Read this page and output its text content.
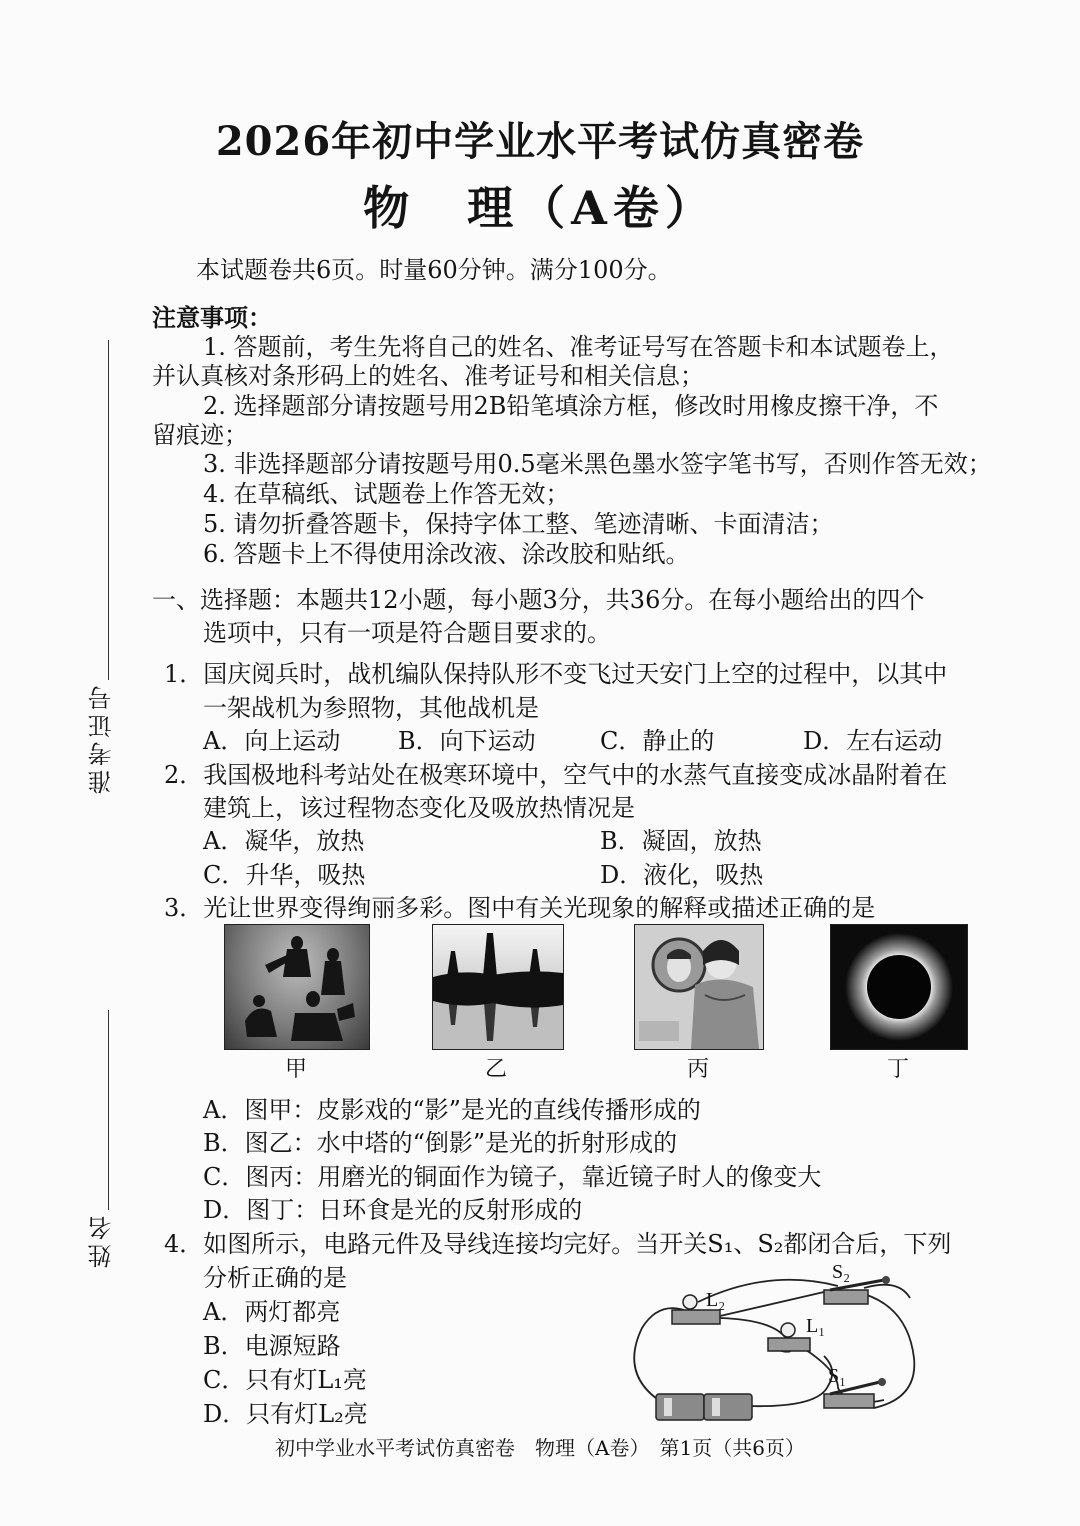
准考证号
姓名
2026年初中学业水平考试仿真密卷
物　理（A卷）
本试题卷共6页。时量60分钟。满分100分。
注意事项：
1. 答题前，考生先将自己的姓名、准考证号写在答题卡和本试题卷上，
并认真核对条形码上的姓名、准考证号和相关信息；
2. 选择题部分请按题号用2B铅笔填涂方框，修改时用橡皮擦干净，不
留痕迹；
3. 非选择题部分请按题号用0.5毫米黑色墨水签字笔书写，否则作答无效；
4. 在草稿纸、试题卷上作答无效；
5. 请勿折叠答题卡，保持字体工整、笔迹清晰、卡面清洁；
6. 答题卡上不得使用涂改液、涂改胶和贴纸。
一、选择题：本题共12小题，每小题3分，共36分。在每小题给出的四个
选项中，只有一项是符合题目要求的。
1．国庆阅兵时，战机编队保持队形不变飞过天安门上空的过程中，以其中
一架战机为参照物，其他战机是
A．向上运动 B．向下运动	C．静止的	D．左右运动
2．我国极地科考站处在极寒环境中，空气中的水蒸气直接变成冰晶附着在
建筑上，该过程物态变化及吸放热情况是
A．凝华，放热	B．凝固，放热
C．升华，吸热	D．液化，吸热
3．光让世界变得绚丽多彩。图中有关光现象的解释或描述正确的是
甲	乙	丙	丁
A．图甲：皮影戏的“影”是光的直线传播形成的
B．图乙：水中塔的“倒影”是光的折射形成的
C．图丙：用磨光的铜面作为镜子，靠近镜子时人的像变大
D．图丁：日环食是光的反射形成的
4．如图所示，电路元件及导线连接均完好。当开关S₁、S₂都闭合后，下列
分析正确的是
A．两灯都亮
B．电源短路
C．只有灯L₁亮
D．只有灯L₂亮
S₂
L₂
L₁
S₁
初中学业水平考试仿真密卷　物理（A卷）　第1页（共6页）
